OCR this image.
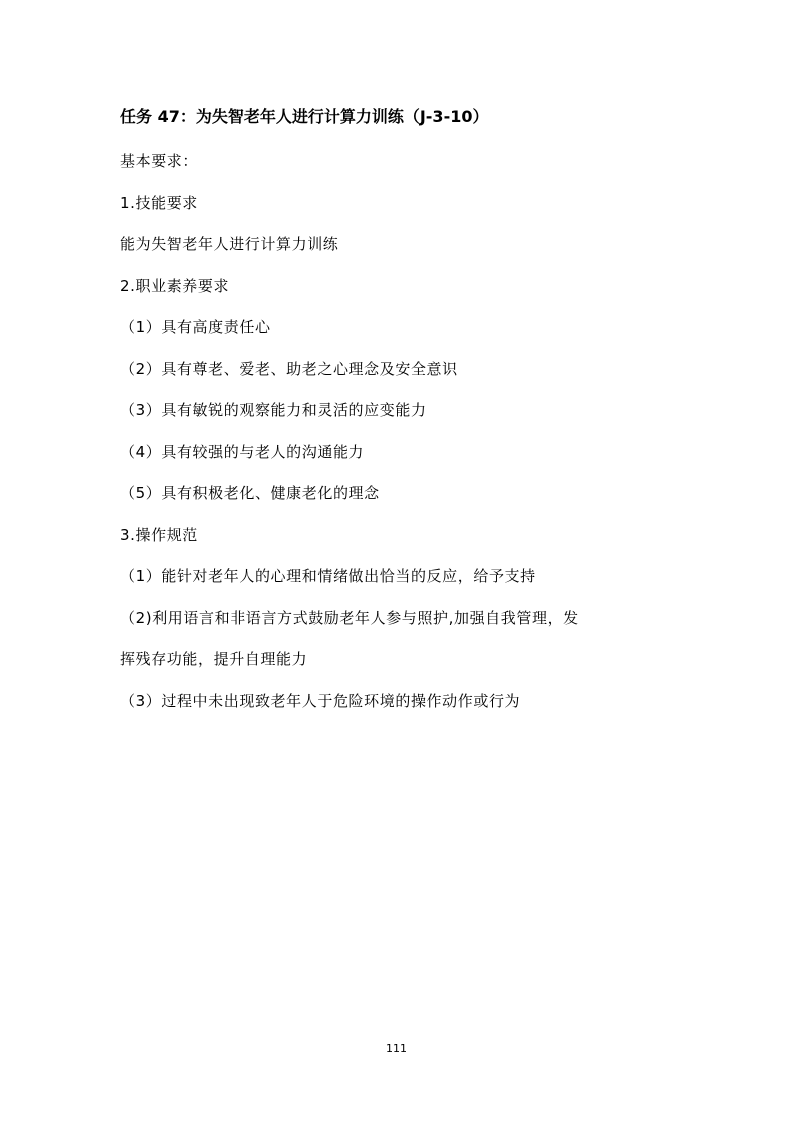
任务 47：为失智老年人进行计算力训练（J-3-10）
基本要求：
1.技能要求
能为失智老年人进行计算力训练
2.职业素养要求
（1）具有高度责任心
（2）具有尊老、爱老、助老之心理念及安全意识
（3）具有敏锐的观察能力和灵活的应变能力
（4）具有较强的与老人的沟通能力
（5）具有积极老化、健康老化的理念
3.操作规范
（1）能针对老年人的心理和情绪做出恰当的反应，给予支持
（2)利用语言和非语言方式鼓励老年人参与照护,加强自我管理，发
挥残存功能，提升自理能力
（3）过程中未出现致老年人于危险环境的操作动作或行为
111
